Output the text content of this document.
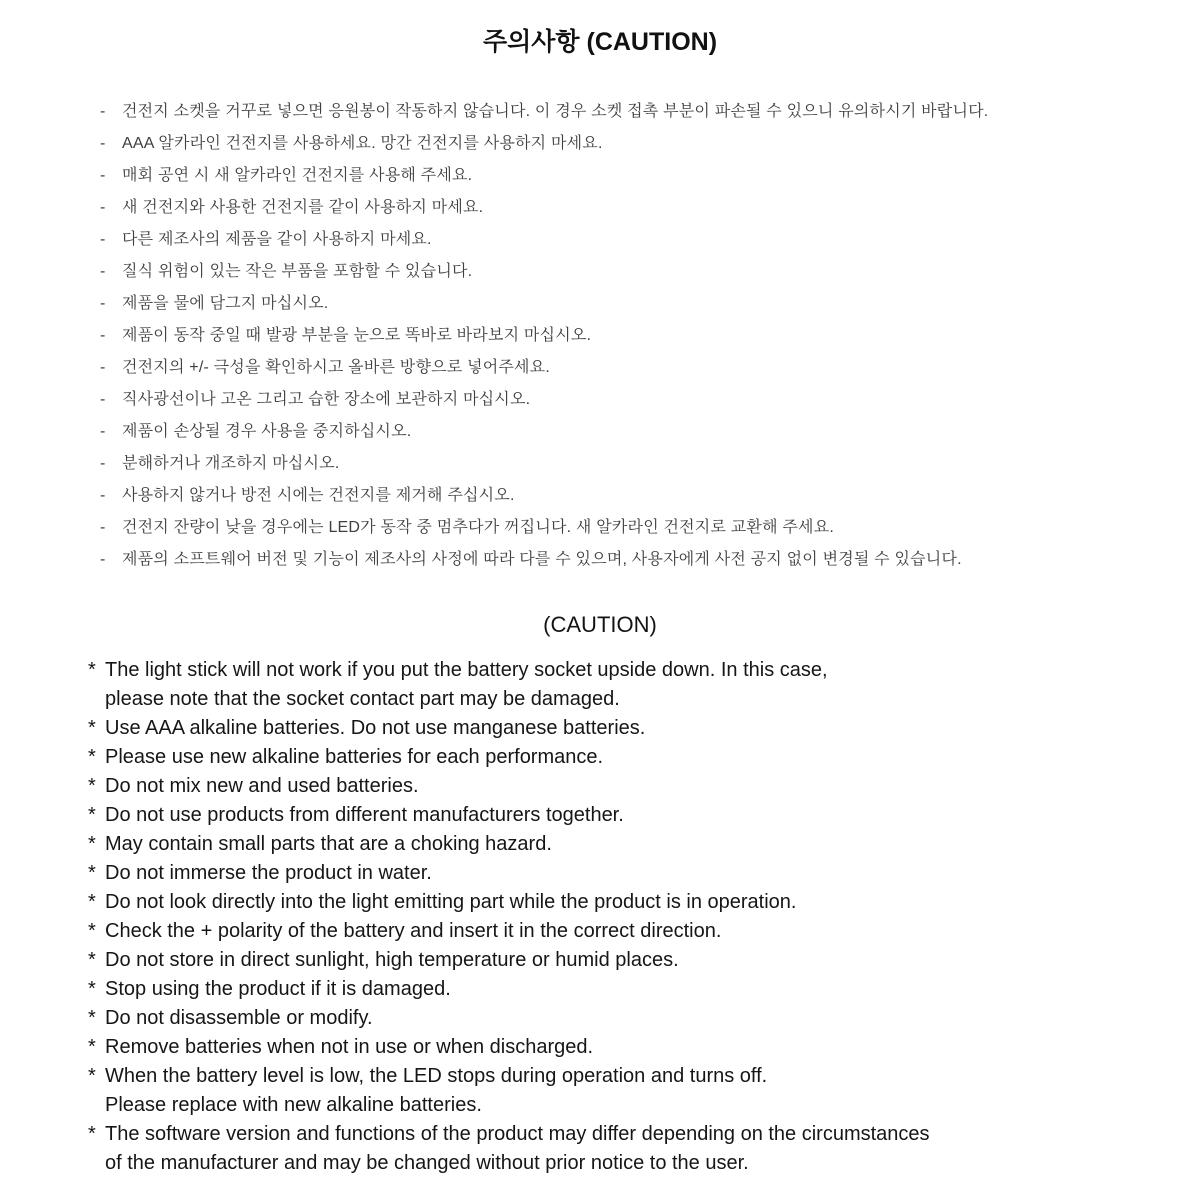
주의사항 (CAUTION)
-	건전지 소켓을 거꾸로 넣으면 응원봉이 작동하지 않습니다. 이 경우 소켓 접촉 부분이 파손될 수 있으니 유의하시기 바랍니다.
-	AAA 알카라인 건전지를 사용하세요. 망간 건전지를 사용하지 마세요.
-	매회 공연 시 새 알카라인 건전지를 사용해 주세요.
-	새 건전지와 사용한 건전지를 같이 사용하지 마세요.
-	다른 제조사의 제품을 같이 사용하지 마세요.
-	질식 위험이 있는 작은 부품을 포함할 수 있습니다.
-	제품을 물에 담그지 마십시오.
-	제품이 동작 중일 때 발광 부분을 눈으로 똑바로 바라보지 마십시오.
-	건전지의 +/- 극성을 확인하시고 올바른 방향으로 넣어주세요.
-	직사광선이나 고온 그리고 습한 장소에 보관하지 마십시오.
-	제품이 손상될 경우 사용을 중지하십시오.
-	분해하거나 개조하지 마십시오.
-	사용하지 않거나 방전 시에는 건전지를 제거해 주십시오.
-	건전지 잔량이 낮을 경우에는 LED가 동작 중 멈추다가 꺼집니다. 새 알카라인 건전지로 교환해 주세요.
-	제품의 소프트웨어 버전 및 기능이 제조사의 사정에 따라 다를 수 있으며, 사용자에게 사전 공지 없이 변경될 수 있습니다.
(CAUTION)
* The light stick will not work if you put the battery socket upside down. In this case,
please note that the socket contact part may be damaged.
* Use AAA alkaline batteries. Do not use manganese batteries.
* Please use new alkaline batteries for each performance.
* Do not mix new and used batteries.
* Do not use products from different manufacturers together.
* May contain small parts that are a choking hazard.
* Do not immerse the product in water.
* Do not look directly into the light emitting part while the product is in operation.
* Check the + polarity of the battery and insert it in the correct direction.
* Do not store in direct sunlight, high temperature or humid places.
* Stop using the product if it is damaged.
* Do not disassemble or modify.
* Remove batteries when not in use or when discharged.
* When the battery level is low, the LED stops during operation and turns off.
Please replace with new alkaline batteries.
* The software version and functions of the product may differ depending on the circumstances
of the manufacturer and may be changed without prior notice to the user.
